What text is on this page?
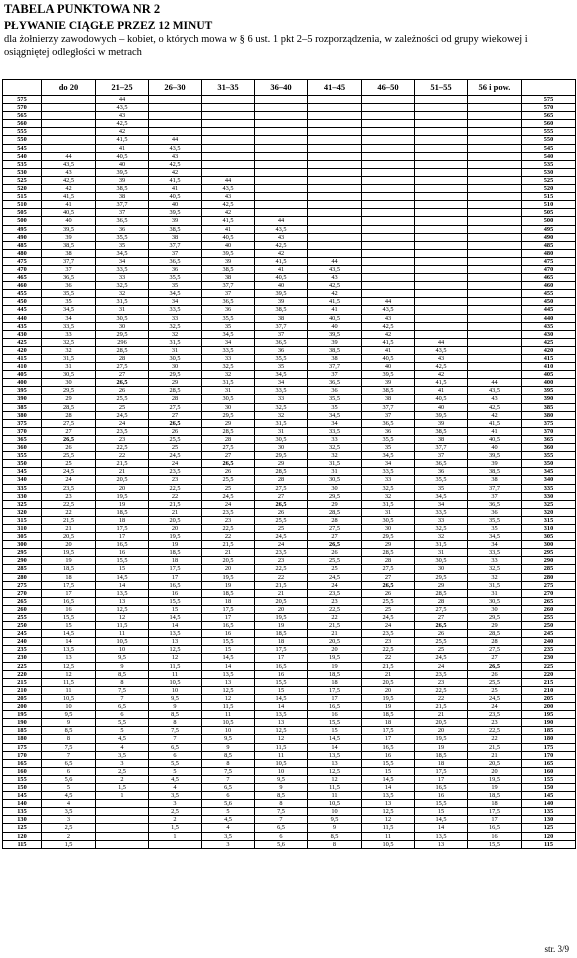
TABELA PUNKTOWA NR 2
PŁYWANIE CIĄGŁE PRZEZ 12 MINUT
dla żołnierzy zawodowych – kobiet, o których mowa w § 6 ust. 1 pkt 2–5 rozporządzenia, w zależności od grupy wiekowej i osiągniętej odległości w metrach
	do 20	21–25	26–30	31–35	36–40	41–45	46–50	51–55	56 i pow.	
575		44								575
570		43,5								570
565		43								565
560		42,5								560
555		42								555
550		41,5	44							550
545		41	43,5							545
540	44	40,5	43							540
535	43,5	40	42,5							535
530	43	39,5	42							530
525	42,5	39	41,5	44						525
520	42	38,5	41	43,5						520
515	41,5	38	40,5	43						515
510	41	37,7	40	42,5						510
505	40,5	37	39,5	42						505
500	40	36,5	39	41,5	44					500
495	39,5	36	38,5	41	43,5					495
490	39	35,5	38	40,5	43					490
485	38,5	35	37,7	40	42,5					485
480	38	34,5	37	39,5	42					480
475	37,7	34	36,5	39	41,5	44				475
470	37	33,5	36	38,5	41	43,5				470
465	36,5	33	35,5	38	40,5	43				465
460	36	32,5	35	37,7	40	42,5				460
455	35,5	32	34,5	37	39,5	42				455
450	35	31,5	34	36,5	39	41,5	44			450
445	34,5	31	33,5	36	38,5	41	43,5			445
440	34	30,5	33	35,5	38	40,5	43			440
435	33,5	30	32,5	35	37,7	40	42,5			435
430	33	29,5	32	34,5	37	39,5	42			430
425	32,5	296	31,5	34	36,5	39	41,5	44		425
420	32	28,5	31	33,5	36	38,5	41	43,5		420
415	31,5	28	30,5	33	35,5	38	40,5	43		415
410	31	27,5	30	32,5	35	37,7	40	42,5		410
405	30,5	27	29,5	32	34,5	37	39,5	42		405
400	30	26,5	29	31,5	34	36,5	39	41,5	44	400
395	29,5	26	28,5	31	33,5	36	38,5	41	43,5	395
390	29	25,5	28	30,5	33	35,5	38	40,5	43	390
385	28,5	25	27,5	30	32,5	35	37,7	40	42,5	385
380	28	24,5	27	29,5	32	34,5	37	39,5	42	380
375	27,5	24	26,5	29	31,5	34	36,5	39	41,5	375
370	27	23,5	26	28,5	31	33,5	36	38,5	41	370
365	26,5	23	25,5	28	30,5	33	35,5	38	40,5	365
360	26	22,5	25	27,5	30	32,5	35	37,7	40	360
355	25,5	22	24,5	27	29,5	32	34,5	37	39,5	355
350	25	21,5	24	26,5	29	31,5	34	36,5	39	350
345	24,5	21	23,5	26	28,5	31	33,5	36	38,5	345
340	24	20,5	23	25,5	28	30,5	33	35,5	38	340
335	23,5	20	22,5	25	27,5	30	32,5	35	37,7	335
330	23	19,5	22	24,5	27	29,5	32	34,5	37	330
325	22,5	19	21,5	24	26,5	29	31,5	34	36,5	325
320	22	18,5	21	23,5	26	28,5	31	33,5	36	320
315	21,5	18	20,5	23	25,5	28	30,5	33	35,5	315
310	21	17,5	20	22,5	25	27,5	30	32,5	35	310
305	20,5	17	19,5	22	24,5	27	29,5	32	34,5	305
300	20	16,5	19	21,5	24	26,5	29	31,5	34	300
295	19,5	16	18,5	21	23,5	26	28,5	31	33,5	295
290	19	15,5	18	20,5	23	25,5	28	30,5	33	290
285	18,5	15	17,5	20	22,5	25	27,5	30	32,5	285
280	18	14,5	17	19,5	22	24,5	27	29,5	32	280
275	17,5	14	16,5	19	21,5	24	26,5	29	31,5	275
270	17	13,5	16	18,5	21	23,5	26	28,5	31	270
265	16,5	13	15,5	18	20,5	23	25,5	28	30,5	265
260	16	12,5	15	17,5	20	22,5	25	27,5	30	260
255	15,5	12	14,5	17	19,5	22	24,5	27	29,5	255
250	15	11,5	14	16,5	19	21,5	24	26,5	29	250
245	14,5	11	13,5	16	18,5	21	23,5	26	28,5	245
240	14	10,5	13	15,5	18	20,5	23	25,5	28	240
235	13,5	10	12,5	15	17,5	20	22,5	25	27,5	235
230	13	9,5	12	14,5	17	19,5	22	24,5	27	230
225	12,5	9	11,5	14	16,5	19	21,5	24	26,5	225
220	12	8,5	11	13,5	16	18,5	21	23,5	26	220
215	11,5	8	10,5	13	15,5	18	20,5	23	25,5	215
210	11	7,5	10	12,5	15	17,5	20	22,5	25	210
205	10,5	7	9,5	12	14,5	17	19,5	22	24,5	205
200	10	6,5	9	11,5	14	16,5	19	21,5	24	200
195	9,5	6	8,5	11	13,5	16	18,5	21	23,5	195
190	9	5,5	8	10,5	13	15,5	18	20,5	23	190
185	8,5	5	7,5	10	12,5	15	17,5	20	22,5	185
180	8	4,5	7	9,5	12	14,5	17	19,5	22	180
175	7,5	4	6,5	9	11,5	14	16,5	19	21,5	175
170	7	3,5	6	8,5	11	13,5	16	18,5	21	170
165	6,5	3	5,5	8	10,5	13	15,5	18	20,5	165
160	6	2,5	5	7,5	10	12,5	15	17,5	20	160
155	5,6	2	4,5	7	9,5	12	14,5	17	19,5	155
150	5	1,5	4	6,5	9	11,5	14	16,5	19	150
145	4,5	1	3,5	6	8,5	11	13,5	16	18,5	145
140	4		3	5,6	8	10,5	13	15,5	18	140
135	3,5		2,5	5	7,5	10	12,5	15	17,5	135
130	3		2	4,5	7	9,5	12	14,5	17	130
125	2,5		1,5	4	6,5	9	11,5	14	16,5	125
120	2		1	3,5	6	8,5	11	13,5	16	120
115	1,5			3	5,6	8	10,5	13	15,5	115
str. 3/9
